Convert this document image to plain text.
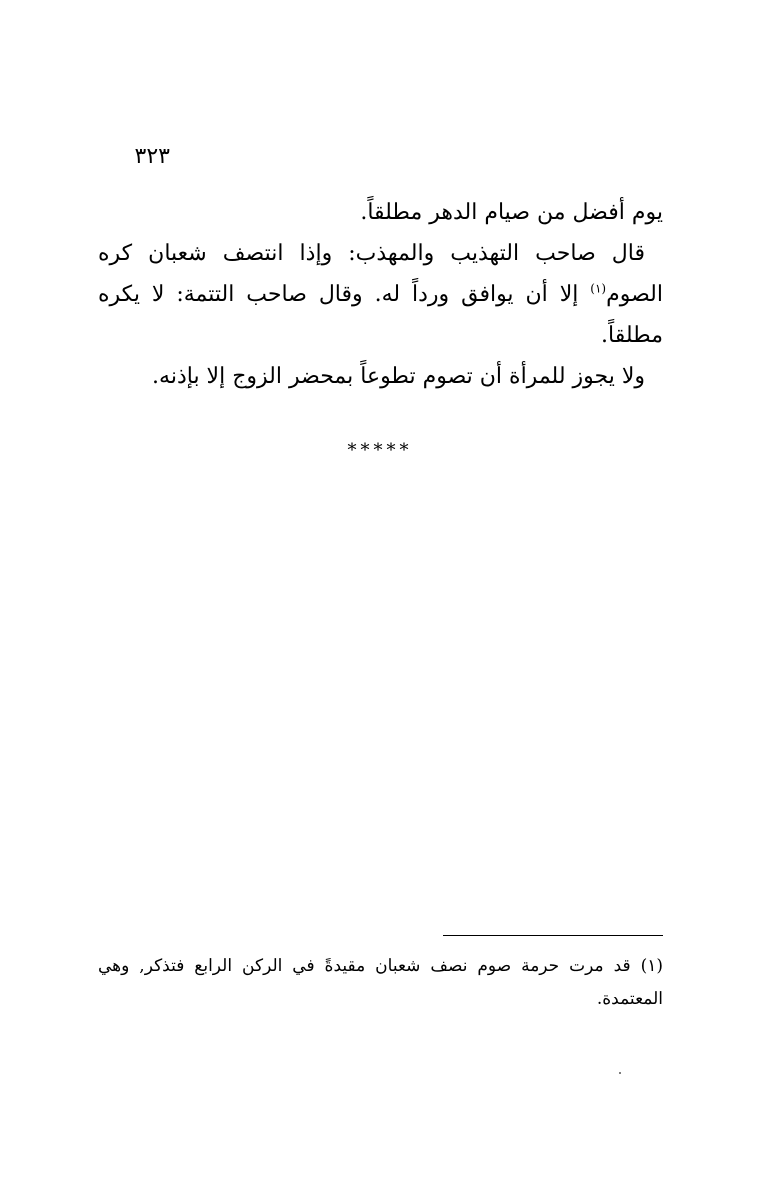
٣٢٣

يوم أفضل من صيام الدهر مطلقاً.

قال صاحب التهذيب والمهذب: وإذا انتصف شعبان كره الصوم$^{(١)}$ إلا أن يوافق ورداً له. وقال صاحب التتمة: لا يكره مطلقاً.

ولا يجوز للمرأة أن تصوم تطوعاً بمحضر الزوج إلا بإذنه.

*****

(١) قد مرت حرمة صوم نصف شعبان مقيدةً في الركن الرابع فتذكر, وهي المعتمدة.
